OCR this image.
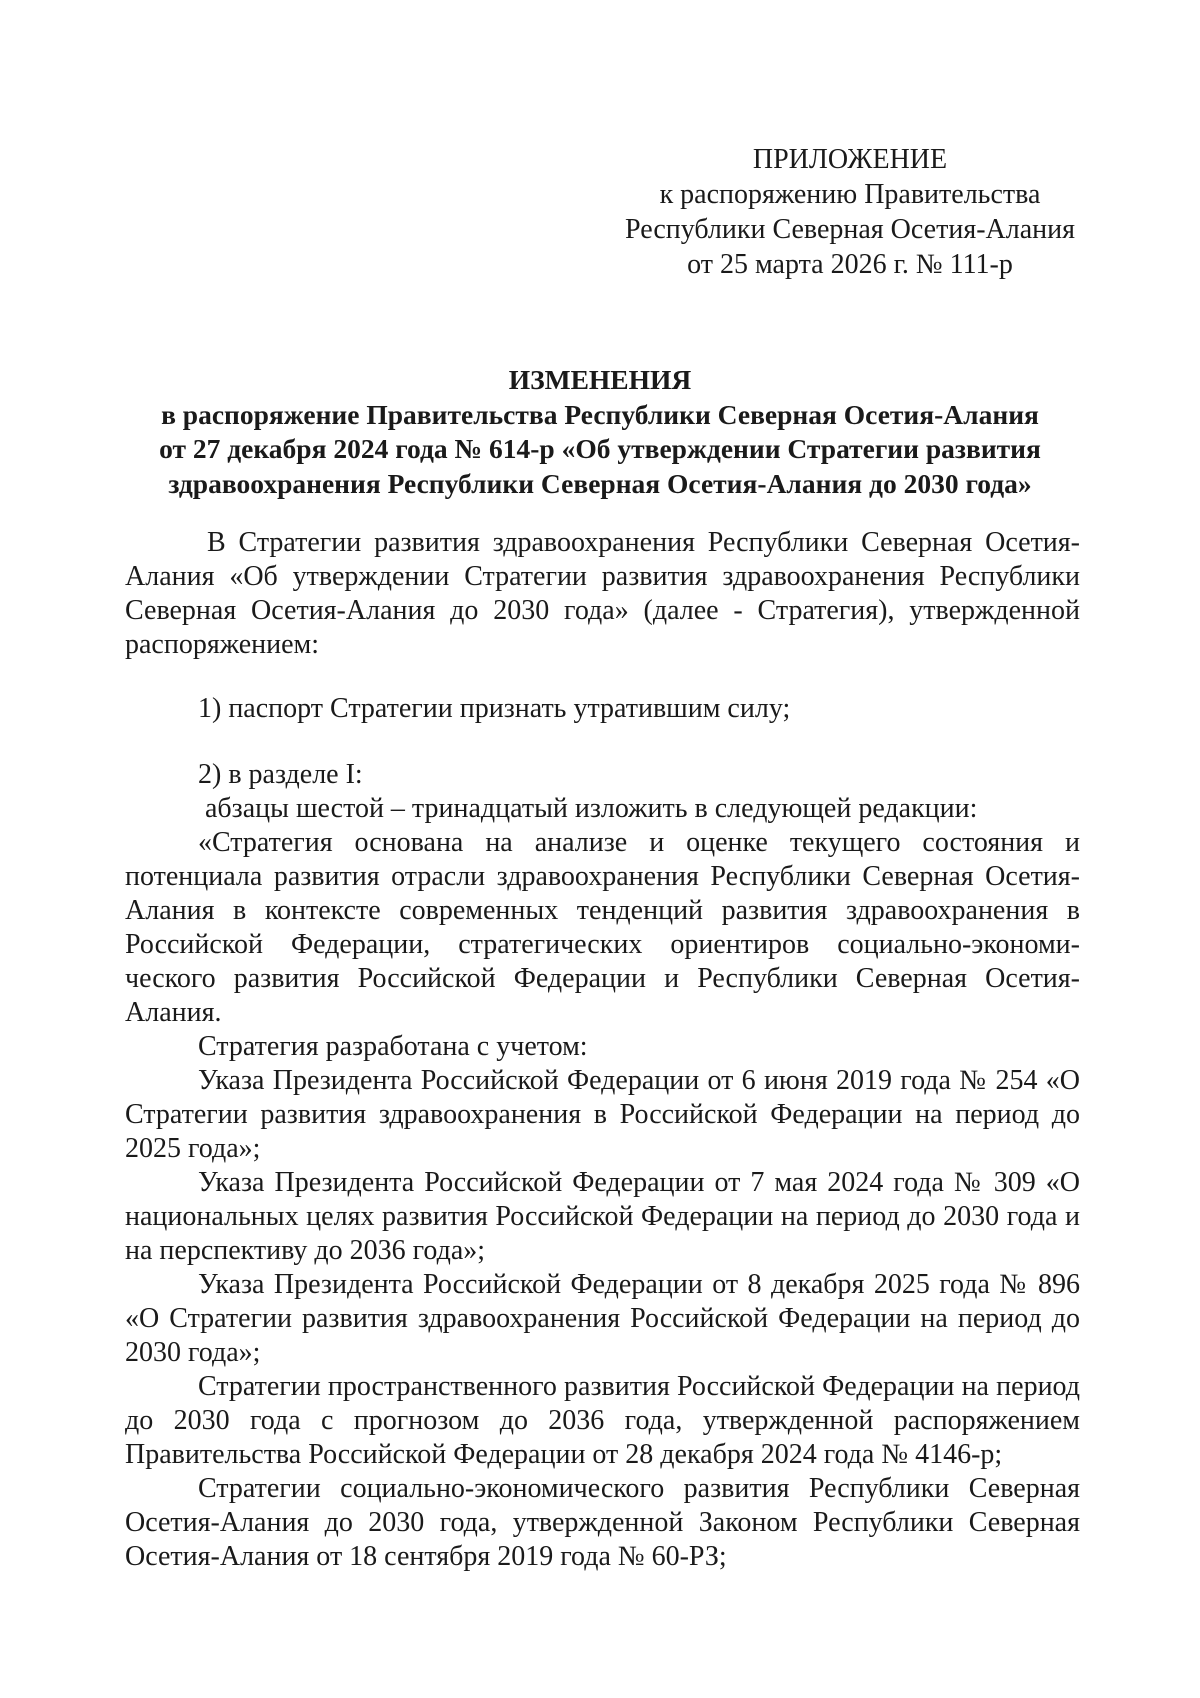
ПРИЛОЖЕНИЕ
к распоряжению Правительства
Республики Северная Осетия-Алания
от 25 марта 2026 г. № 111-р
ИЗМЕНЕНИЯ
в распоряжение Правительства Республики Северная Осетия-Алания
от 27 декабря 2024 года № 614-р «Об утверждении Стратегии развития
здравоохранения Республики Северная Осетия-Алания до 2030 года»

В Стратегии развития здравоохранения Республики Северная Осетия-Алания «Об утверждении Стратегии развития здравоохранения Республики Северная Осетия-Алания до 2030 года» (далее - Стратегия), утвержденной распоряжением:

1) паспорт Стратегии признать утратившим силу;

2) в разделе I:

абзацы шестой – тринадцатый изложить в следующей редакции:

«Стратегия основана на анализе и оценке текущего состояния и потенциала развития отрасли здравоохранения Республики Северная Осетия-Алания в контексте современных тенденций развития здравоохранения в Российской Федерации, стратегических ориентиров социально-экономи-ческого развития Российской Федерации и Республики Северная Осетия-Алания.

Стратегия разработана с учетом:

Указа Президента Российской Федерации от 6 июня 2019 года № 254 «О Стратегии развития здравоохранения в Российской Федерации на период до 2025 года»;

Указа Президента Российской Федерации от 7 мая 2024 года № 309 «О национальных целях развития Российской Федерации на период до 2030 года и на перспективу до 2036 года»;

Указа Президента Российской Федерации от 8 декабря 2025 года № 896 «О Стратегии развития здравоохранения Российской Федерации на период до 2030 года»;

Стратегии пространственного развития Российской Федерации на период до 2030 года с прогнозом до 2036 года, утвержденной распоряжением Правительства Российской Федерации от 28 декабря 2024 года № 4146-р;

Стратегии социально-экономического развития Республики Северная Осетия-Алания до 2030 года, утвержденной Законом Республики Северная Осетия-Алания от 18 сентября 2019 года № 60-РЗ;
